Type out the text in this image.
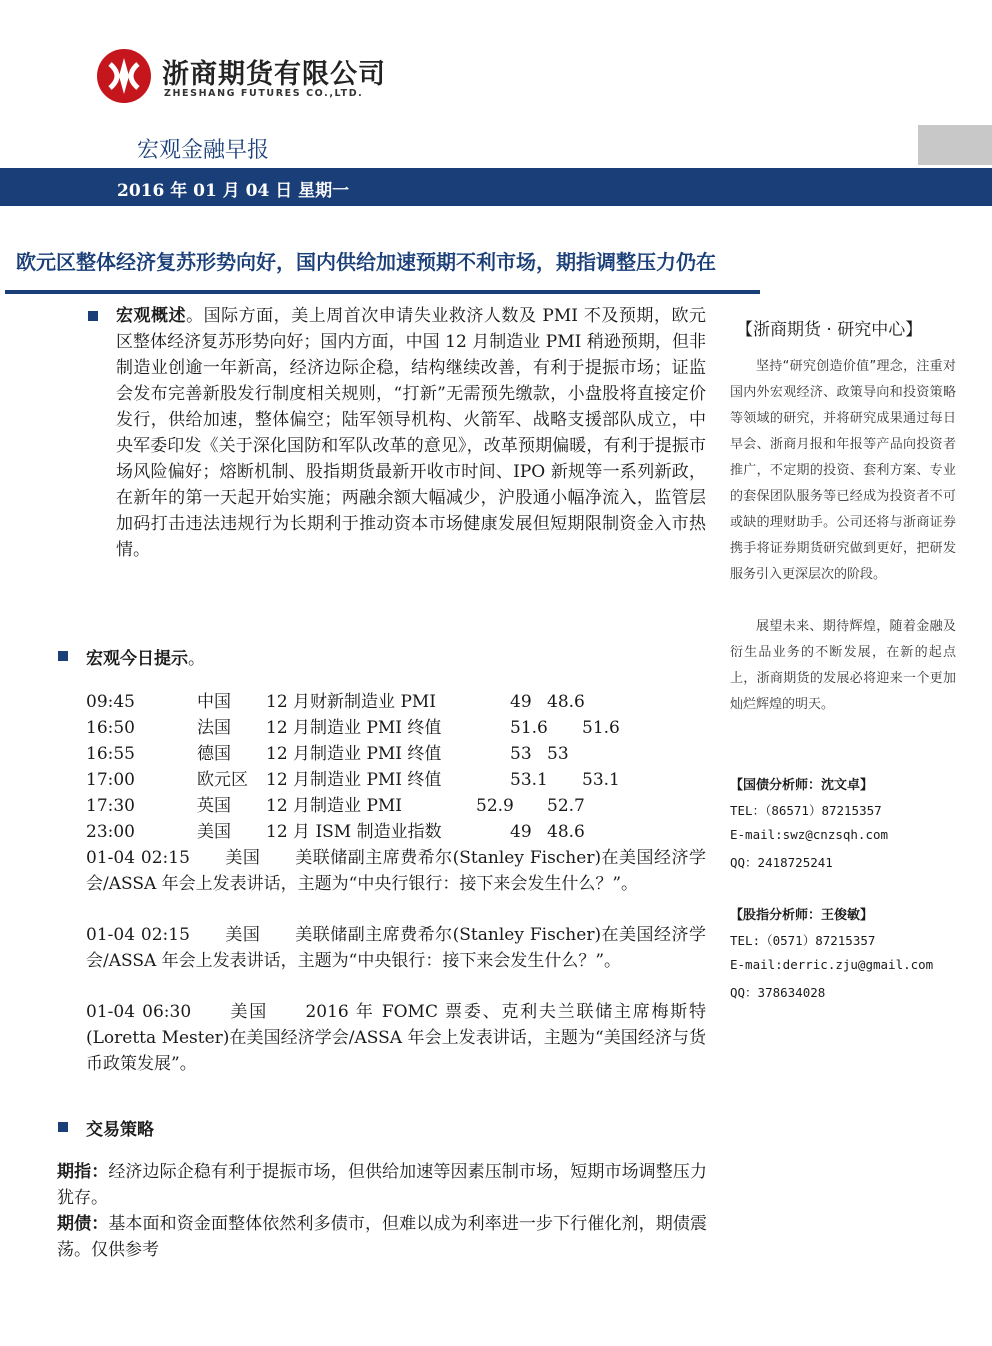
浙商期货有限公司
ZHESHANG FUTURES CO.,LTD.
宏观金融早报
2016 年 01 月 04 日 星期一
欧元区整体经济复苏形势向好，国内供给加速预期不利市场，期指调整压力仍在
宏观概述。国际方面，美上周首次申请失业救济人数及 PMI 不及预期，欧元区整体经济复苏形势向好；国内方面，中国 12 月制造业 PMI 稍逊预期，但非制造业创逾一年新高，经济边际企稳，结构继续改善，有利于提振市场；证监会发布完善新股发行制度相关规则，“打新”无需预先缴款，小盘股将直接定价发行，供给加速，整体偏空；陆军领导机构、火箭军、战略支援部队成立，中央军委印发《关于深化国防和军队改革的意见》，改革预期偏暖，有利于提振市场风险偏好；熔断机制、股指期货最新开收市时间、IPO 新规等一系列新政，在新年的第一天起开始实施；两融余额大幅减少，沪股通小幅净流入，监管层加码打击违法违规行为长期利于推动资本市场健康发展但短期限制资金入市热情。
宏观今日提示。
09:45	中国 12 月财新制造业 PMI	49 48.6
16:50	法国 12 月制造业 PMI 终值	51.6 51.6
16:55	德国 12 月制造业 PMI 终值	53 53
17:00	欧元区 12 月制造业 PMI 终值	53.1 53.1
17:30	英国 12 月制造业 PMI	52.9 52.7
23:00	美国 12 月 ISM 制造业指数	49 48.6
01-04 02:15　　美国　　美联储副主席费希尔(Stanley Fischer)在美国经济学会/ASSA 年会上发表讲话，主题为“中央行银行：接下来会发生什么？”。
01-04 02:15　　美国　　美联储副主席费希尔(Stanley Fischer)在美国经济学会/ASSA 年会上发表讲话，主题为“中央银行：接下来会发生什么？”。
01-04 06:30　　美国　　2016 年 FOMC 票委、克利夫兰联储主席梅斯特(Loretta Mester)在美国经济学会/ASSA 年会上发表讲话，主题为“美国经济与货币政策发展”。
交易策略
期指：经济边际企稳有利于提振市场，但供给加速等因素压制市场，短期市场调整压力犹存。
期债：基本面和资金面整体依然利多债市，但难以成为利率进一步下行催化剂，期债震荡。仅供参考
【浙商期货 · 研究中心】
坚持“研究创造价值”理念，注重对国内外宏观经济、政策导向和投资策略等领域的研究，并将研究成果通过每日早会、浙商月报和年报等产品向投资者推广，不定期的投资、套利方案、专业的套保团队服务等已经成为投资者不可或缺的理财助手。公司还将与浙商证券携手将证券期货研究做到更好，把研发服务引入更深层次的阶段。
展望未来、期待辉煌，随着金融及衍生品业务的不断发展，在新的起点上，浙商期货的发展必将迎来一个更加灿烂辉煌的明天。
【国债分析师：沈文卓】
TEL：（86571）87215357
E-mail:swz@cnzsqh.com
QQ：2418725241
【股指分析师：王俊敏】
TEL:（0571）87215357
E-mail:derric.zju@gmail.com
QQ：378634028
